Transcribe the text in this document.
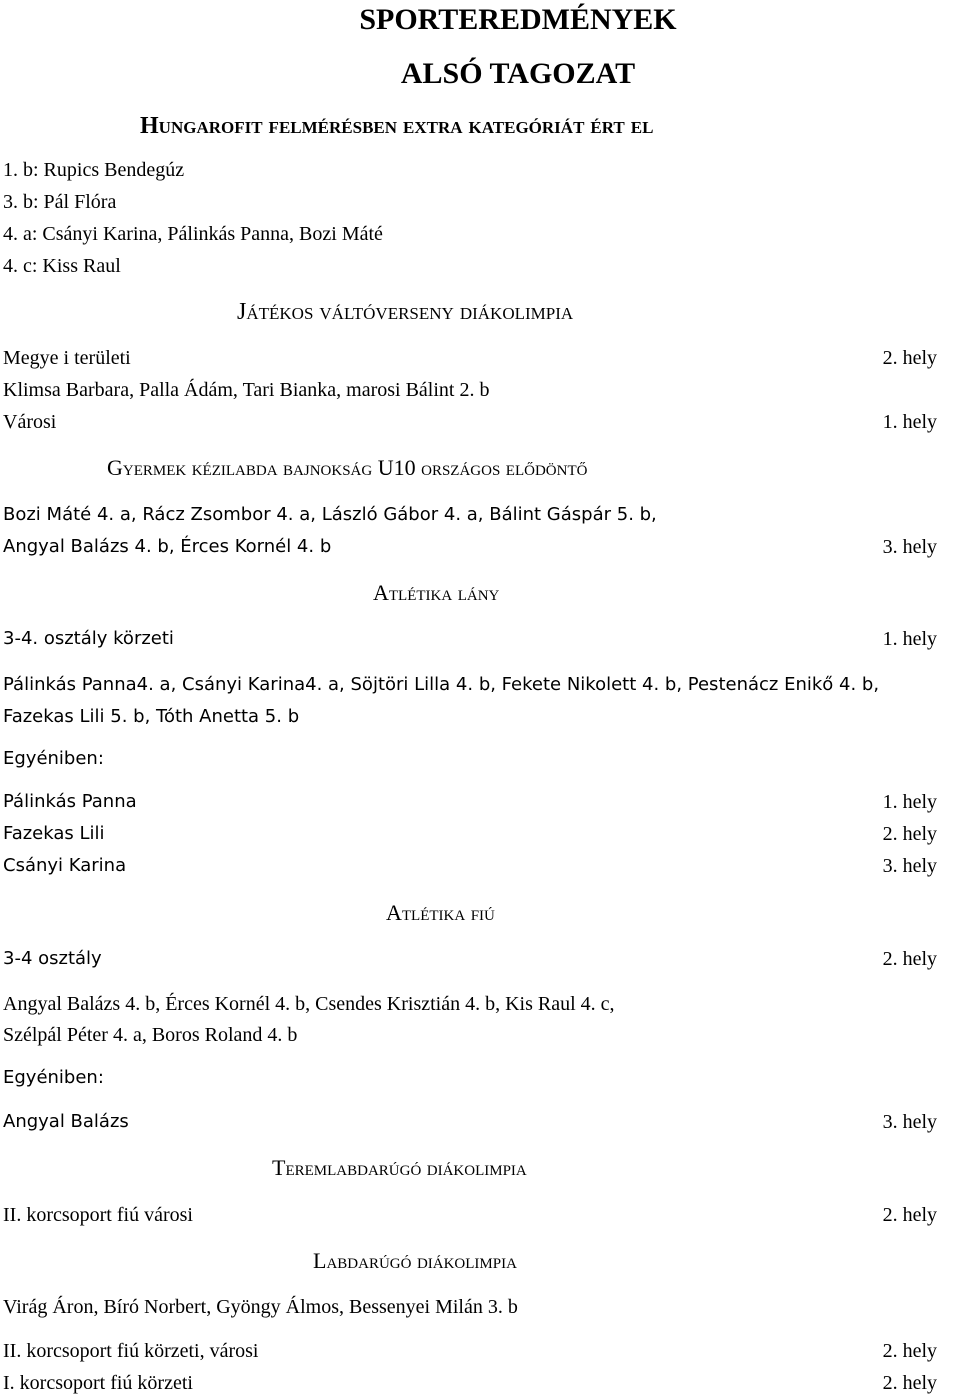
SPORTEREDMÉNYEK
ALSÓ TAGOZAT
Hungarofit felmérésben extra kategóriát ért el
1. b: Rupics Bendegúz
3. b: Pál Flóra
4. a: Csányi Karina, Pálinkás Panna, Bozi Máté
4. c: Kiss Raul
Játékos váltóverseny diákolimpia
Megye i területi	2. hely
Klimsa Barbara, Palla Ádám, Tari Bianka, marosi Bálint 2. b
Városi	1. hely
Gyermek kézilabda bajnokság U10 országos elődöntő
Bozi Máté 4. a, Rácz Zsombor 4. a, László Gábor 4. a, Bálint Gáspár 5. b,
Angyal Balázs 4. b, Érces Kornél 4. b	3. hely
Atlétika lány
3-4. osztály körzeti	1. hely
Pálinkás Panna4. a, Csányi Karina4. a, Söjtöri Lilla 4. b, Fekete Nikolett 4. b, Pestenácz Enikő 4. b,
Fazekas Lili 5. b, Tóth Anetta 5. b
Egyéniben:
Pálinkás Panna	1. hely
Fazekas Lili	2. hely
Csányi Karina	3. hely
Atlétika fiú
3-4 osztály	2. hely
Angyal Balázs 4. b, Érces Kornél 4. b, Csendes Krisztián 4. b, Kis Raul 4. c,
Szélpál Péter 4. a, Boros Roland 4. b
Egyéniben:
Angyal Balázs	3. hely
Teremlabdarúgó diákolimpia
II. korcsoport fiú városi	2. hely
Labdarúgó diákolimpia
Virág Áron, Bíró Norbert, Gyöngy Álmos, Bessenyei Milán 3. b
II. korcsoport fiú körzeti, városi	2. hely
I. korcsoport fiú körzeti	2. hely
